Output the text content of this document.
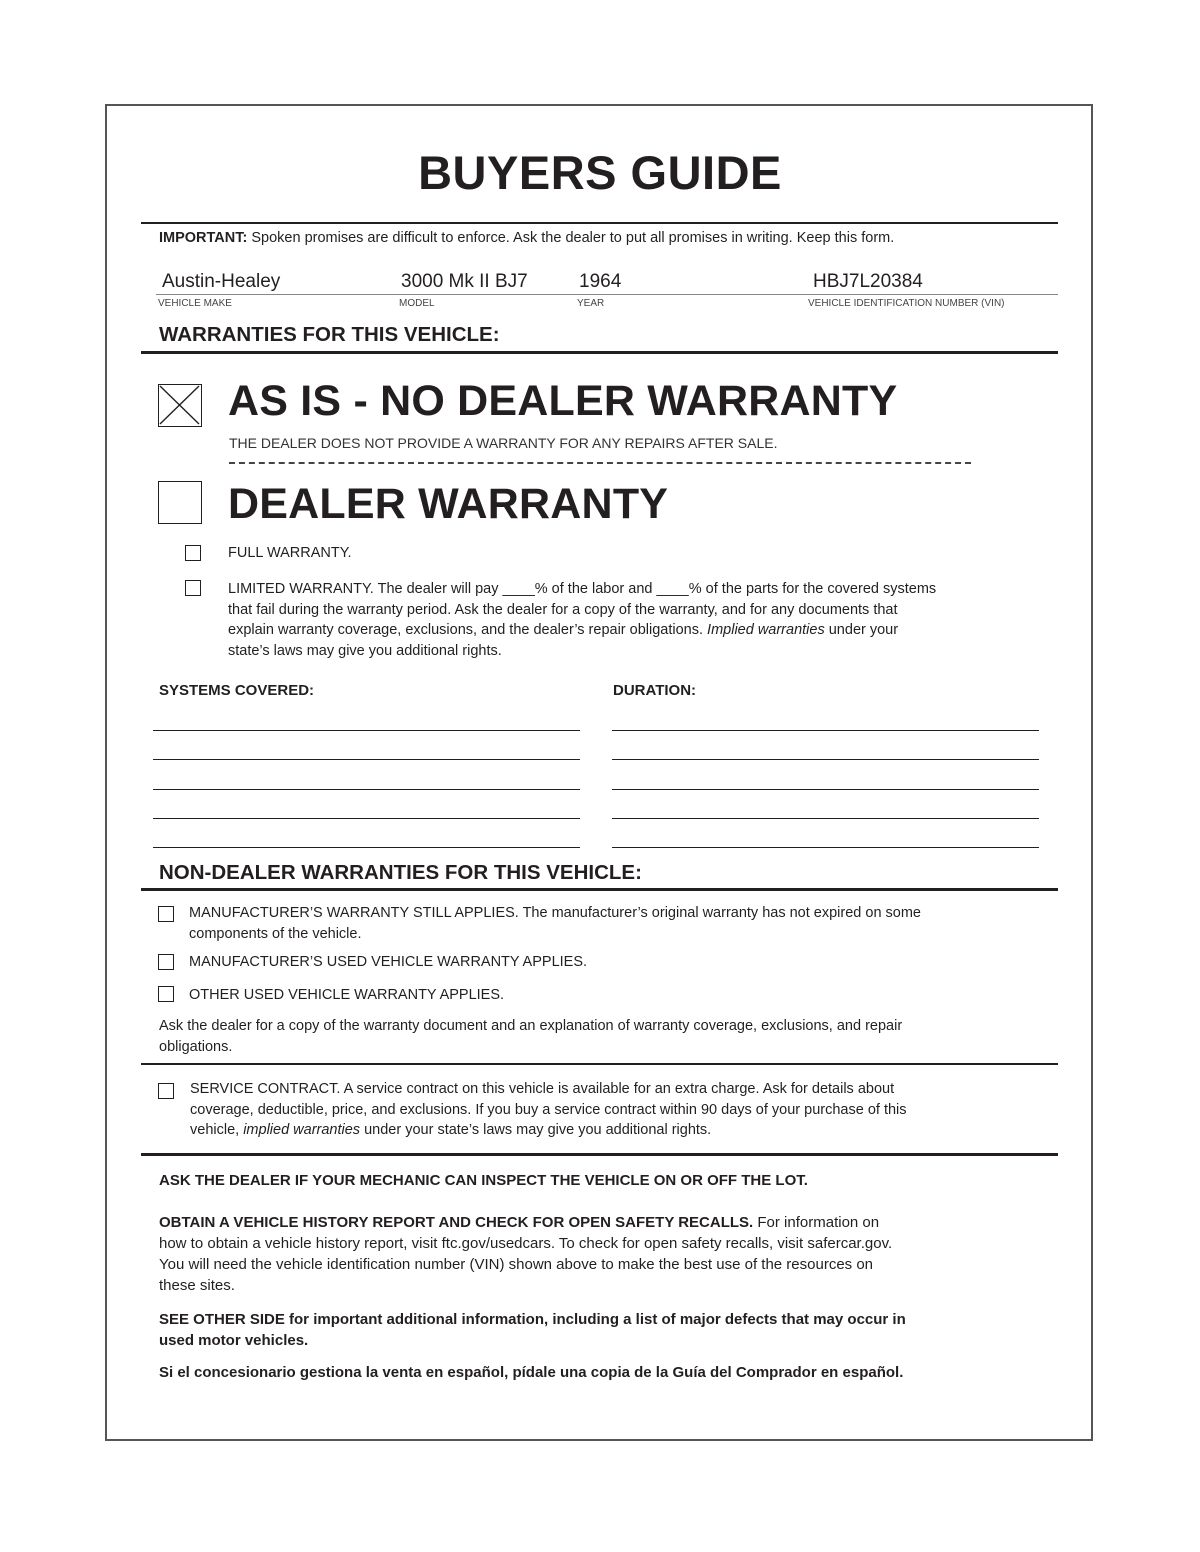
BUYERS GUIDE
IMPORTANT: Spoken promises are difficult to enforce. Ask the dealer to put all promises in writing. Keep this form.
Austin-Healey	3000 Mk II BJ7	1964	HBJ7L20384
VEHICLE MAKE	MODEL	YEAR	VEHICLE IDENTIFICATION NUMBER (VIN)
WARRANTIES FOR THIS VEHICLE:
AS IS - NO DEALER WARRANTY
THE DEALER DOES NOT PROVIDE A WARRANTY FOR ANY REPAIRS AFTER SALE.
DEALER WARRANTY
FULL WARRANTY.
LIMITED WARRANTY. The dealer will pay ____% of the labor and ____% of the parts for the covered systems
that fail during the warranty period. Ask the dealer for a copy of the warranty, and for any documents that
explain warranty coverage, exclusions, and the dealer’s repair obligations. Implied warranties under your
state’s laws may give you additional rights.
SYSTEMS COVERED:	DURATION:
NON-DEALER WARRANTIES FOR THIS VEHICLE:
MANUFACTURER’S WARRANTY STILL APPLIES. The manufacturer’s original warranty has not expired on some
components of the vehicle.
MANUFACTURER’S USED VEHICLE WARRANTY APPLIES.
OTHER USED VEHICLE WARRANTY APPLIES.
Ask the dealer for a copy of the warranty document and an explanation of warranty coverage, exclusions, and repair
obligations.
SERVICE CONTRACT. A service contract on this vehicle is available for an extra charge. Ask for details about
coverage, deductible, price, and exclusions. If you buy a service contract within 90 days of your purchase of this
vehicle, implied warranties under your state’s laws may give you additional rights.
ASK THE DEALER IF YOUR MECHANIC CAN INSPECT THE VEHICLE ON OR OFF THE LOT.
OBTAIN A VEHICLE HISTORY REPORT AND CHECK FOR OPEN SAFETY RECALLS. For information on
how to obtain a vehicle history report, visit ftc.gov/usedcars. To check for open safety recalls, visit safercar.gov.
You will need the vehicle identification number (VIN) shown above to make the best use of the resources on
these sites.
SEE OTHER SIDE for important additional information, including a list of major defects that may occur in
used motor vehicles.
Si el concesionario gestiona la venta en español, pídale una copia de la Guía del Comprador en español.
